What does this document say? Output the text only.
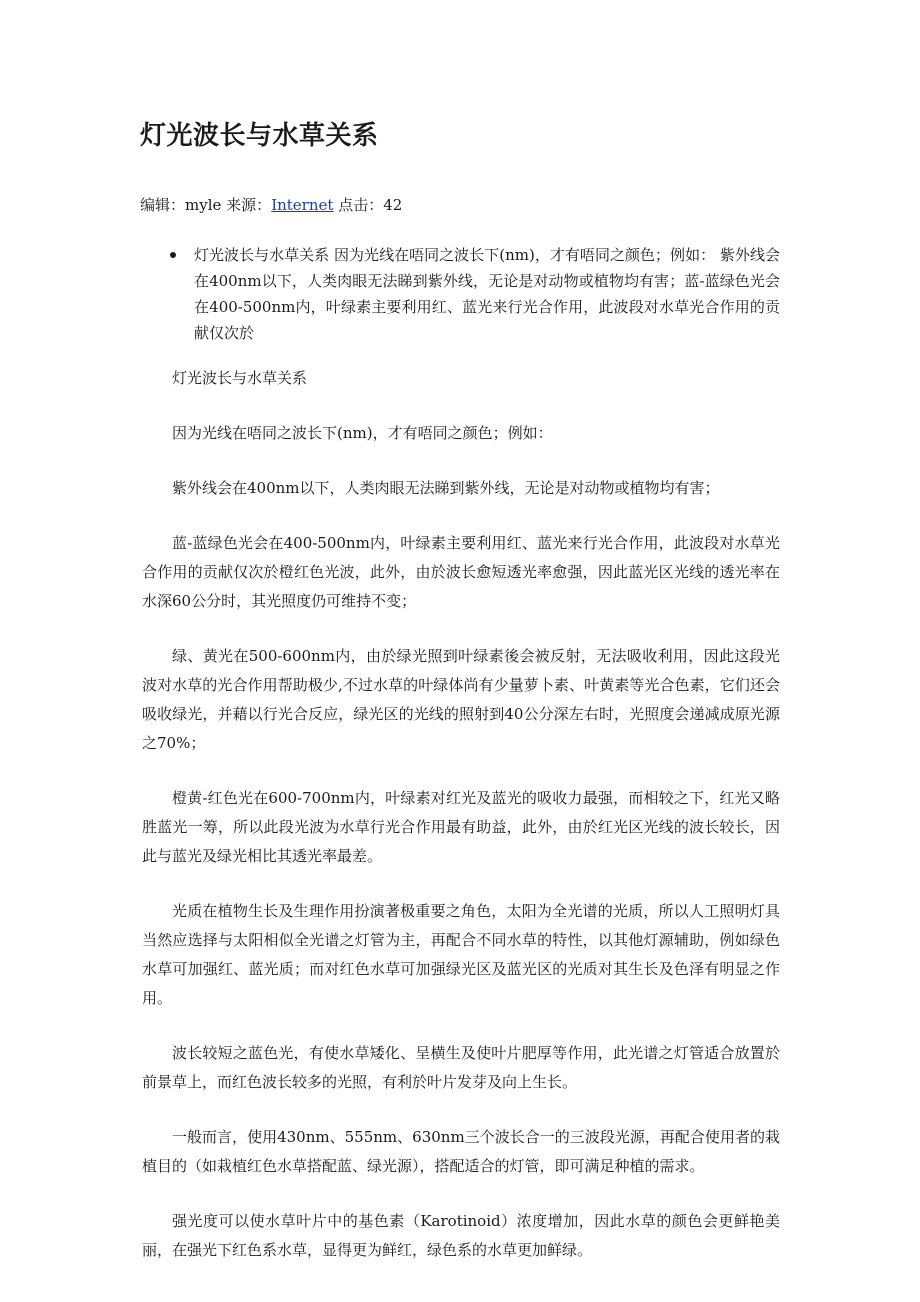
灯光波长与水草关系
编辑：myle 来源：Internet 点击：42
灯光波长与水草关系 因为光线在唔同之波长下(nm)，才有唔同之颜色；例如： 紫外线会在400nm以下，人类肉眼无法睇到紫外线，无论是对动物或植物均有害；蓝-蓝绿色光会在400-500nm内，叶绿素主要利用红、蓝光来行光合作用，此波段对水草光合作用的贡献仅次於

灯光波长与水草关系

因为光线在唔同之波长下(nm)，才有唔同之颜色；例如：

紫外线会在400nm以下，人类肉眼无法睇到紫外线，无论是对动物或植物均有害；

蓝-蓝绿色光会在400-500nm内，叶绿素主要利用红、蓝光来行光合作用，此波段对水草光合作用的贡献仅次於橙红色光波，此外，由於波长愈短透光率愈强，因此蓝光区光线的透光率在水深60公分时，其光照度仍可维持不变；

绿、黄光在500-600nm内，由於绿光照到叶绿素後会被反射，无法吸收利用，因此这段光波对水草的光合作用帮助极少,不过水草的叶绿体尚有少量萝卜素、叶黄素等光合色素，它们还会吸收绿光，并藉以行光合反应，绿光区的光线的照射到40公分深左右时，光照度会递减成原光源之70%；

橙黄-红色光在600-700nm内，叶绿素对红光及蓝光的吸收力最强，而相较之下，红光又略胜蓝光一筹，所以此段光波为水草行光合作用最有助益，此外，由於红光区光线的波长较长，因此与蓝光及绿光相比其透光率最差。

光质在植物生长及生理作用扮演著极重要之角色，太阳为全光谱的光质，所以人工照明灯具当然应选择与太阳相似全光谱之灯管为主，再配合不同水草的特性，以其他灯源辅助，例如绿色水草可加强红、蓝光质；而对红色水草可加强绿光区及蓝光区的光质对其生长及色泽有明显之作用。

波长较短之蓝色光，有使水草矮化、呈横生及使叶片肥厚等作用，此光谱之灯管适合放置於前景草上，而红色波长较多的光照，有利於叶片发芽及向上生长。

一般而言，使用430nm、555nm、630nm三个波长合一的三波段光源，再配合使用者的栽植目的（如栽植红色水草搭配蓝、绿光源），搭配适合的灯管，即可满足种植的需求。

强光度可以使水草叶片中的基色素（Karotinoid）浓度增加，因此水草的颜色会更鲜艳美丽，在强光下红色系水草，显得更为鲜红，绿色系的水草更加鲜绿。
